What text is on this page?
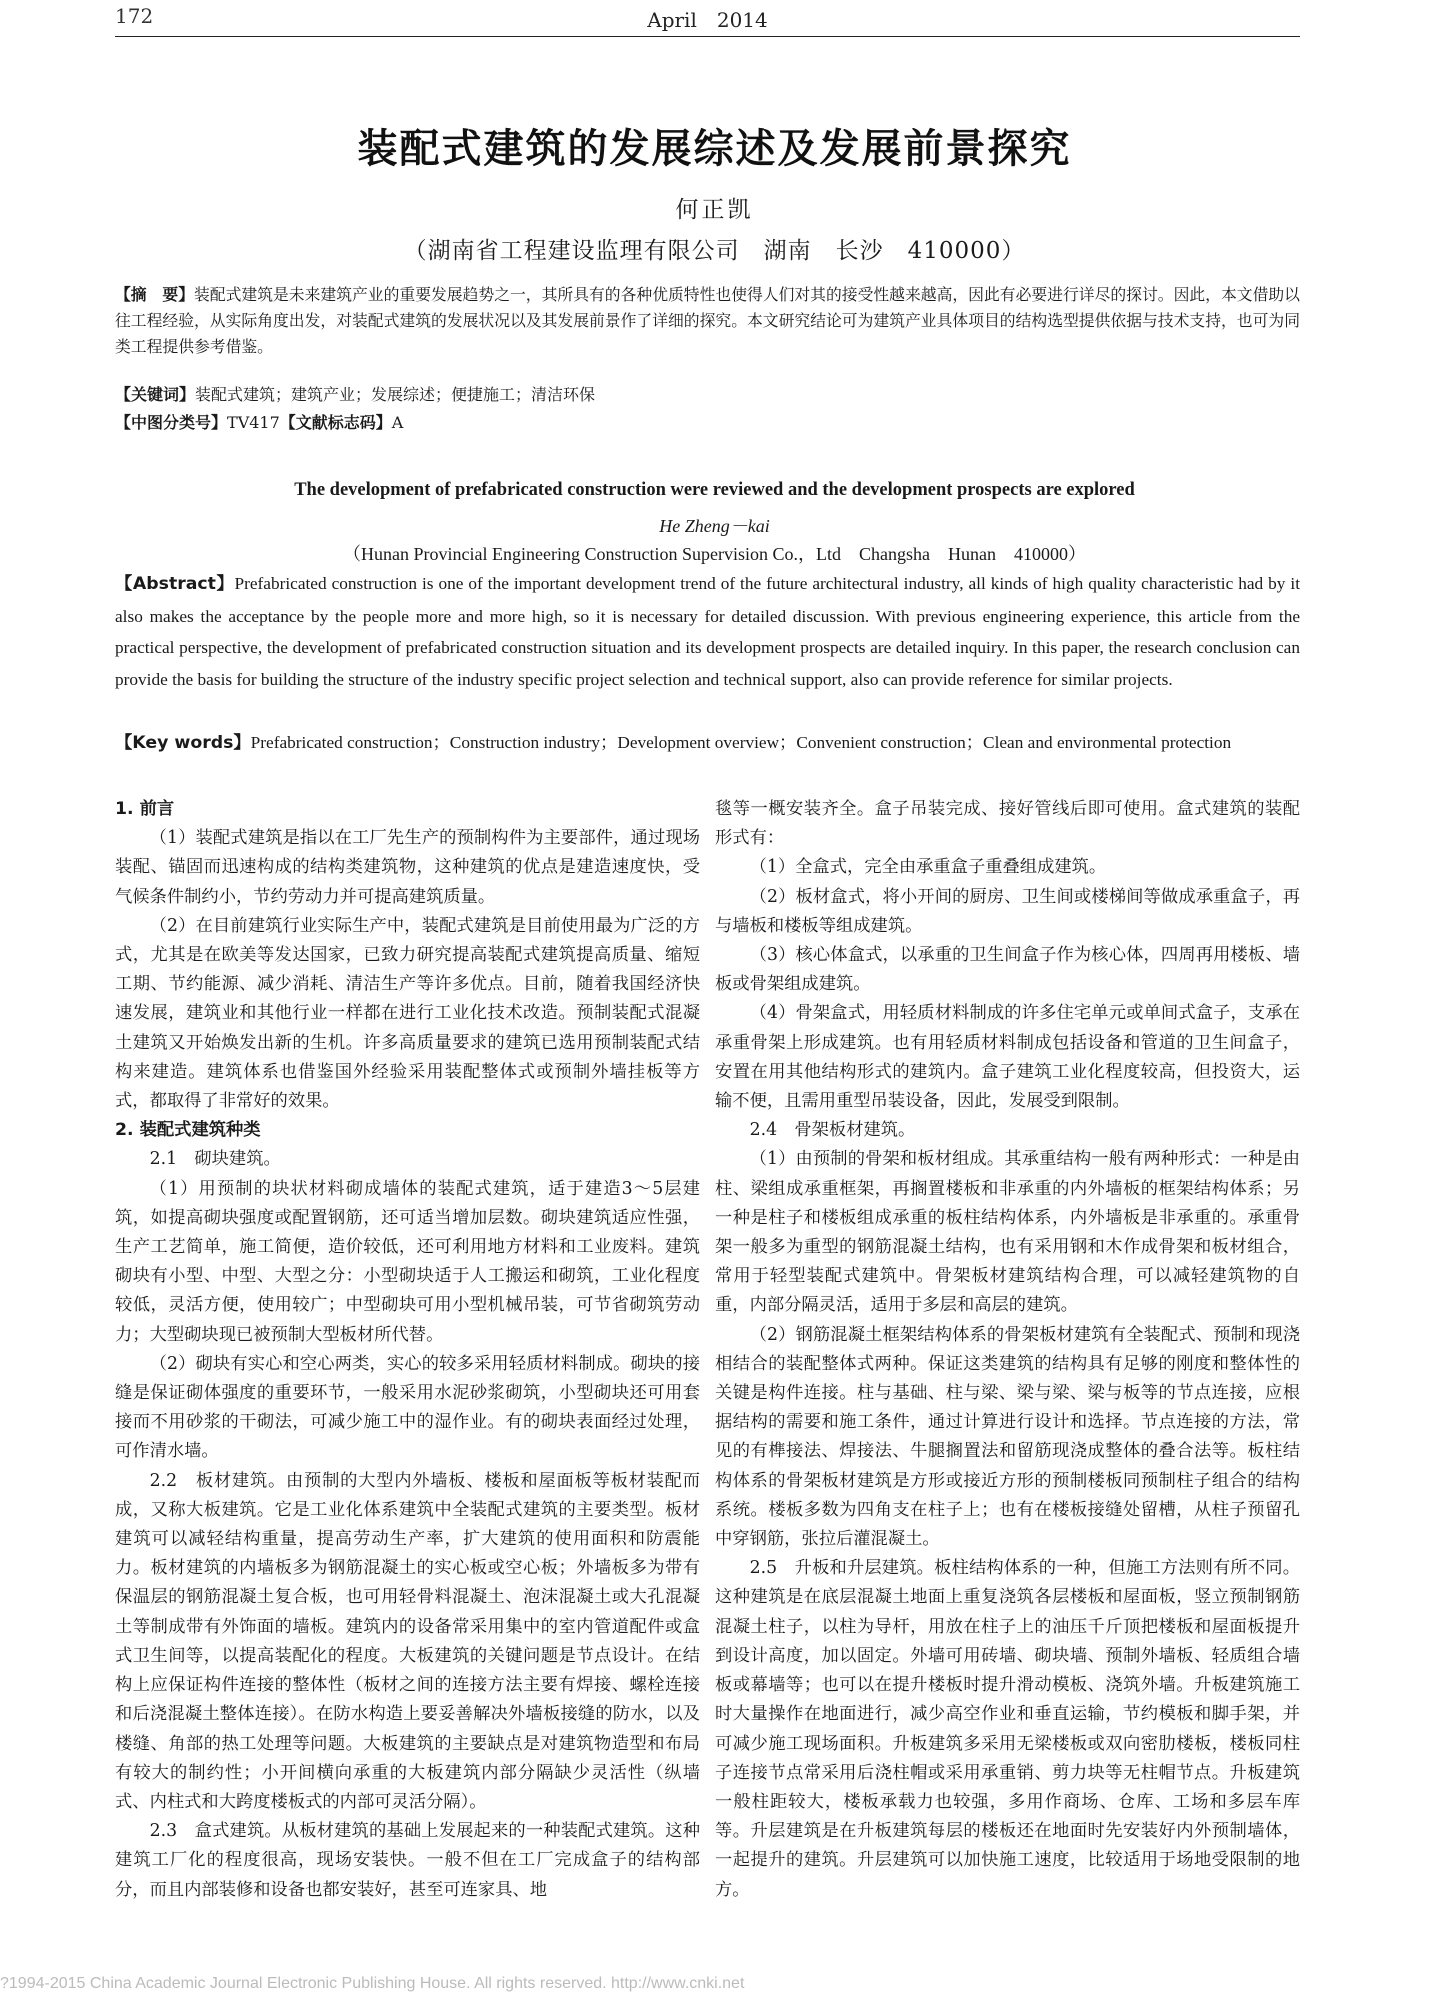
172	April　2014
装配式建筑的发展综述及发展前景探究
何正凯
（湖南省工程建设监理有限公司　湖南　长沙　410000）

【摘　要】装配式建筑是未来建筑产业的重要发展趋势之一，其所具有的各种优质特性也使得人们对其的接受性越来越高，因此有必要进行详尽的探讨。因此，本文借助以往工程经验，从实际角度出发，对装配式建筑的发展状况以及其发展前景作了详细的探究。本文研究结论可为建筑产业具体项目的结构选型提供依据与技术支持，也可为同类工程提供参考借鉴。

【关键词】装配式建筑；建筑产业；发展综述；便捷施工；清洁环保

【中图分类号】TV417【文献标志码】A

The development of prefabricated construction were reviewed and the development prospects are explored
He Zheng－kai
（Hunan Provincial Engineering Construction Supervision Co.，Ltd　Changsha　Hunan　410000）

【Abstract】Prefabricated construction is one of the important development trend of the future architectural industry, all kinds of high quality characteristic had by it also makes the acceptance by the people more and more high, so it is necessary for detailed discussion. With previous engineering experience, this article from the practical perspective, the development of prefabricated construction situation and its development prospects are detailed inquiry. In this paper, the research conclusion can provide the basis for building the structure of the industry specific project selection and technical support, also can provide reference for similar projects.

【Key words】Prefabricated construction；Construction industry；Development overview；Convenient construction；Clean and environmental protection

1. 前言

（1）装配式建筑是指以在工厂先生产的预制构件为主要部件，通过现场装配、锚固而迅速构成的结构类建筑物，这种建筑的优点是建造速度快，受气候条件制约小，节约劳动力并可提高建筑质量。

（2）在目前建筑行业实际生产中，装配式建筑是目前使用最为广泛的方式，尤其是在欧美等发达国家，已致力研究提高装配式建筑提高质量、缩短工期、节约能源、减少消耗、清洁生产等许多优点。目前，随着我国经济快速发展，建筑业和其他行业一样都在进行工业化技术改造。预制装配式混凝土建筑又开始焕发出新的生机。许多高质量要求的建筑已选用预制装配式结构来建造。建筑体系也借鉴国外经验采用装配整体式或预制外墙挂板等方式，都取得了非常好的效果。

2. 装配式建筑种类
2.1　砌块建筑。

（1）用预制的块状材料砌成墙体的装配式建筑，适于建造3～5层建筑，如提高砌块强度或配置钢筋，还可适当增加层数。砌块建筑适应性强，生产工艺简单，施工简便，造价较低，还可利用地方材料和工业废料。建筑砌块有小型、中型、大型之分：小型砌块适于人工搬运和砌筑，工业化程度较低，灵活方便，使用较广；中型砌块可用小型机械吊装，可节省砌筑劳动力；大型砌块现已被预制大型板材所代替。

（2）砌块有实心和空心两类，实心的较多采用轻质材料制成。砌块的接缝是保证砌体强度的重要环节，一般采用水泥砂浆砌筑，小型砌块还可用套接而不用砂浆的干砌法，可减少施工中的湿作业。有的砌块表面经过处理，可作清水墙。

2.2　板材建筑。由预制的大型内外墙板、楼板和屋面板等板材装配而成，又称大板建筑。它是工业化体系建筑中全装配式建筑的主要类型。板材建筑可以减轻结构重量，提高劳动生产率，扩大建筑的使用面积和防震能力。板材建筑的内墙板多为钢筋混凝土的实心板或空心板；外墙板多为带有保温层的钢筋混凝土复合板，也可用轻骨料混凝土、泡沫混凝土或大孔混凝土等制成带有外饰面的墙板。建筑内的设备常采用集中的室内管道配件或盒式卫生间等，以提高装配化的程度。大板建筑的关键问题是节点设计。在结构上应保证构件连接的整体性（板材之间的连接方法主要有焊接、螺栓连接和后浇混凝土整体连接）。在防水构造上要妥善解决外墙板接缝的防水，以及楼缝、角部的热工处理等问题。大板建筑的主要缺点是对建筑物造型和布局有较大的制约性；小开间横向承重的大板建筑内部分隔缺少灵活性（纵墙式、内柱式和大跨度楼板式的内部可灵活分隔）。

2.3　盒式建筑。从板材建筑的基础上发展起来的一种装配式建筑。这种建筑工厂化的程度很高，现场安装快。一般不但在工厂完成盒子的结构部分，而且内部装修和设备也都安装好，甚至可连家具、地

毯等一概安装齐全。盒子吊装完成、接好管线后即可使用。盒式建筑的装配形式有：

（1）全盒式，完全由承重盒子重叠组成建筑。

（2）板材盒式，将小开间的厨房、卫生间或楼梯间等做成承重盒子，再与墙板和楼板等组成建筑。

（3）核心体盒式，以承重的卫生间盒子作为核心体，四周再用楼板、墙板或骨架组成建筑。

（4）骨架盒式，用轻质材料制成的许多住宅单元或单间式盒子，支承在承重骨架上形成建筑。也有用轻质材料制成包括设备和管道的卫生间盒子，安置在用其他结构形式的建筑内。盒子建筑工业化程度较高，但投资大，运输不便，且需用重型吊装设备，因此，发展受到限制。

2.4　骨架板材建筑。

（1）由预制的骨架和板材组成。其承重结构一般有两种形式：一种是由柱、梁组成承重框架，再搁置楼板和非承重的内外墙板的框架结构体系；另一种是柱子和楼板组成承重的板柱结构体系，内外墙板是非承重的。承重骨架一般多为重型的钢筋混凝土结构，也有采用钢和木作成骨架和板材组合，常用于轻型装配式建筑中。骨架板材建筑结构合理，可以减轻建筑物的自重，内部分隔灵活，适用于多层和高层的建筑。

（2）钢筋混凝土框架结构体系的骨架板材建筑有全装配式、预制和现浇相结合的装配整体式两种。保证这类建筑的结构具有足够的刚度和整体性的关键是构件连接。柱与基础、柱与梁、梁与梁、梁与板等的节点连接，应根据结构的需要和施工条件，通过计算进行设计和选择。节点连接的方法，常见的有榫接法、焊接法、牛腿搁置法和留筋现浇成整体的叠合法等。板柱结构体系的骨架板材建筑是方形或接近方形的预制楼板同预制柱子组合的结构系统。楼板多数为四角支在柱子上；也有在楼板接缝处留槽，从柱子预留孔中穿钢筋，张拉后灌混凝土。

2.5　升板和升层建筑。板柱结构体系的一种，但施工方法则有所不同。这种建筑是在底层混凝土地面上重复浇筑各层楼板和屋面板，竖立预制钢筋混凝土柱子，以柱为导杆，用放在柱子上的油压千斤顶把楼板和屋面板提升到设计高度，加以固定。外墙可用砖墙、砌块墙、预制外墙板、轻质组合墙板或幕墙等；也可以在提升楼板时提升滑动模板、浇筑外墙。升板建筑施工时大量操作在地面进行，减少高空作业和垂直运输，节约模板和脚手架，并可减少施工现场面积。升板建筑多采用无梁楼板或双向密肋楼板，楼板同柱子连接节点常采用后浇柱帽或采用承重销、剪力块等无柱帽节点。升板建筑一般柱距较大，楼板承载力也较强，多用作商场、仓库、工场和多层车库等。升层建筑是在升板建筑每层的楼板还在地面时先安装好内外预制墙体，一起提升的建筑。升层建筑可以加快施工速度，比较适用于场地受限制的地方。

?1994-2015 China Academic Journal Electronic Publishing House. All rights reserved. http://www.cnki.net
